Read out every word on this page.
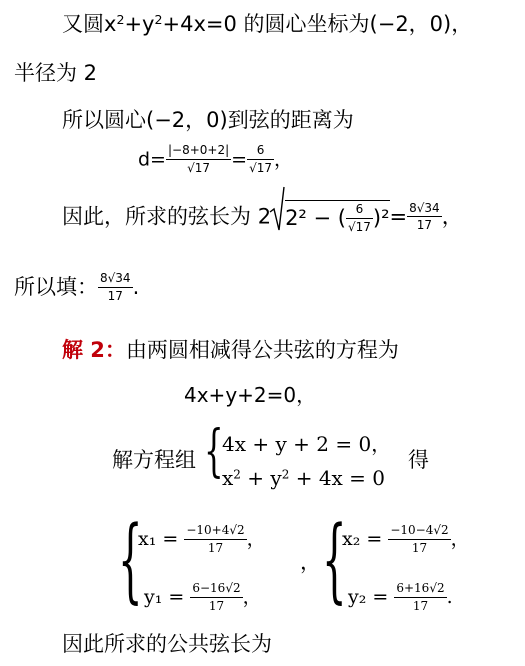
又圆$x^2+y^2+4x=0$ 的圆心坐标为(−2，0)，
半径为 2
所以圆心(−2，0)到弦的距离为
$d= \frac{|-8+0+2|}{√17} = \frac{6}{√17}$ ，
因此，所求的弦长为 2 2² − ( $\frac{6}{√17} )^2= \frac{8√34}{17}$ ，
所以填： $\frac{8√34}{17}$ .
解 2：由两圆相减得公共弦的方程为
4x+y+2=0，
解方程组 {
4x + y + 2 = 0，
$x^2 + y^2 + 4x = 0$
得
{
$x_1 = \frac{-10+4√2}{17}$ ，
$y_1 = \frac{6-16√2}{17}$ ，
， {
$x_2 = \frac{-10-4√2}{17}$ ，
$y_2 = \frac{6+16√2}{17}$ .
因此所求的公共弦长为
